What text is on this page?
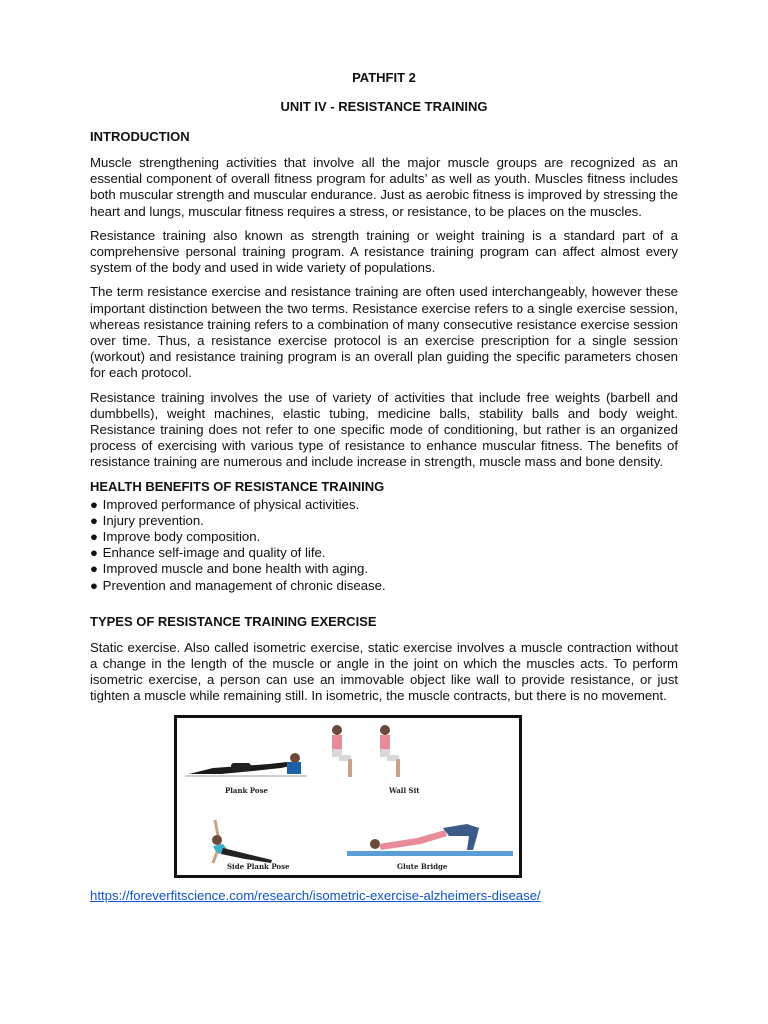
PATHFIT 2
UNIT IV - RESISTANCE TRAINING
INTRODUCTION

Muscle strengthening activities that involve all the major muscle groups are recognized as an essential component of overall fitness program for adults’ as well as youth. Muscles fitness includes both muscular strength and muscular endurance. Just as aerobic fitness is improved by stressing the heart and lungs, muscular fitness requires a stress, or resistance, to be places on the muscles.

Resistance training also known as strength training or weight training is a standard part of a comprehensive personal training program. A resistance training program can affect almost every system of the body and used in wide variety of populations.

The term resistance exercise and resistance training are often used interchangeably, however these important distinction between the two terms. Resistance exercise refers to a single exercise session, whereas resistance training refers to a combination of many consecutive resistance exercise session over time. Thus, a resistance exercise protocol is an exercise prescription for a single session (workout) and resistance training program is an overall plan guiding the specific parameters chosen for each protocol.

Resistance training involves the use of variety of activities that include free weights (barbell and dumbbells), weight machines, elastic tubing, medicine balls, stability balls and body weight. Resistance training does not refer to one specific mode of conditioning, but rather is an organized process of exercising with various type of resistance to enhance muscular fitness. The benefits of resistance training are numerous and include increase in strength, muscle mass and bone density.

HEALTH BENEFITS OF RESISTANCE TRAINING
● Improved performance of physical activities.
● Injury prevention.
● Improve body composition.
● Enhance self-image and quality of life.
● Improved muscle and bone health with aging.
● Prevention and management of chronic disease.
TYPES OF RESISTANCE TRAINING EXERCISE

Static exercise. Also called isometric exercise, static exercise involves a muscle contraction without a change in the length of the muscle or angle in the joint on which the muscles acts. To perform isometric exercise, a person can use an immovable object like wall to provide resistance, or just tighten a muscle while remaining still. In isometric, the muscle contracts, but there is no movement.

Plank Pose	Wall Sit
Side Plank Pose	Glute Bridge
https://foreverfitscience.com/research/isometric-exercise-alzheimers-disease/
